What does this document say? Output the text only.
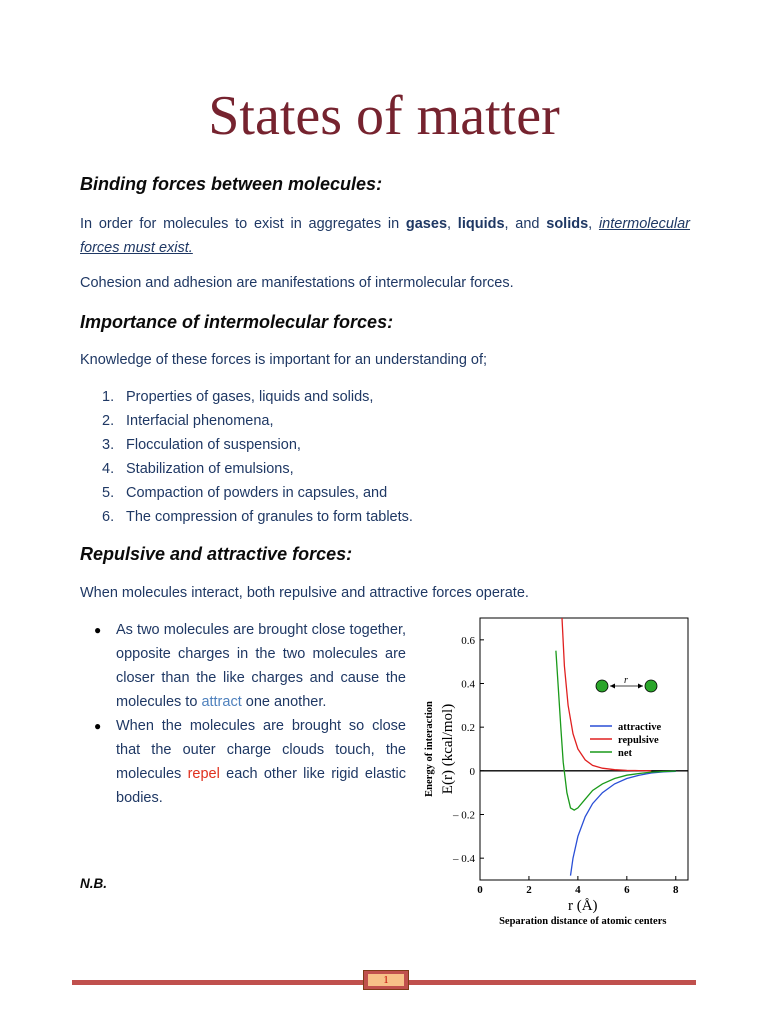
States of matter
Binding forces between molecules:
In order for molecules to exist in aggregates in gases, liquids, and solids, intermolecular forces must exist.
Cohesion and adhesion are manifestations of intermolecular forces.
Importance of intermolecular forces:
Knowledge of these forces is important for an understanding of;
1. Properties of gases, liquids and solids,
2. Interfacial phenomena,
3. Flocculation of suspension,
4. Stabilization of emulsions,
5. Compaction of powders in capsules, and
6. The compression of granules to form tablets.
Repulsive and attractive forces:
When molecules interact, both repulsive and attractive forces operate.
● As two molecules are brought close together, opposite charges in the two molecules are closer than the like charges and cause the molecules to attract one another.
● When the molecules are brought so close that the outer charge clouds touch, the molecules repel each other like rigid elastic bodies.
N.B.
0.6
0.4
0.2
0
– 0.2
– 0.4
0	2	4	6	8
attractive
repulsive
net
r
E(r) (kcal/mol)
Energy of interaction
r (Å)
Separation distance of atomic centers
1
